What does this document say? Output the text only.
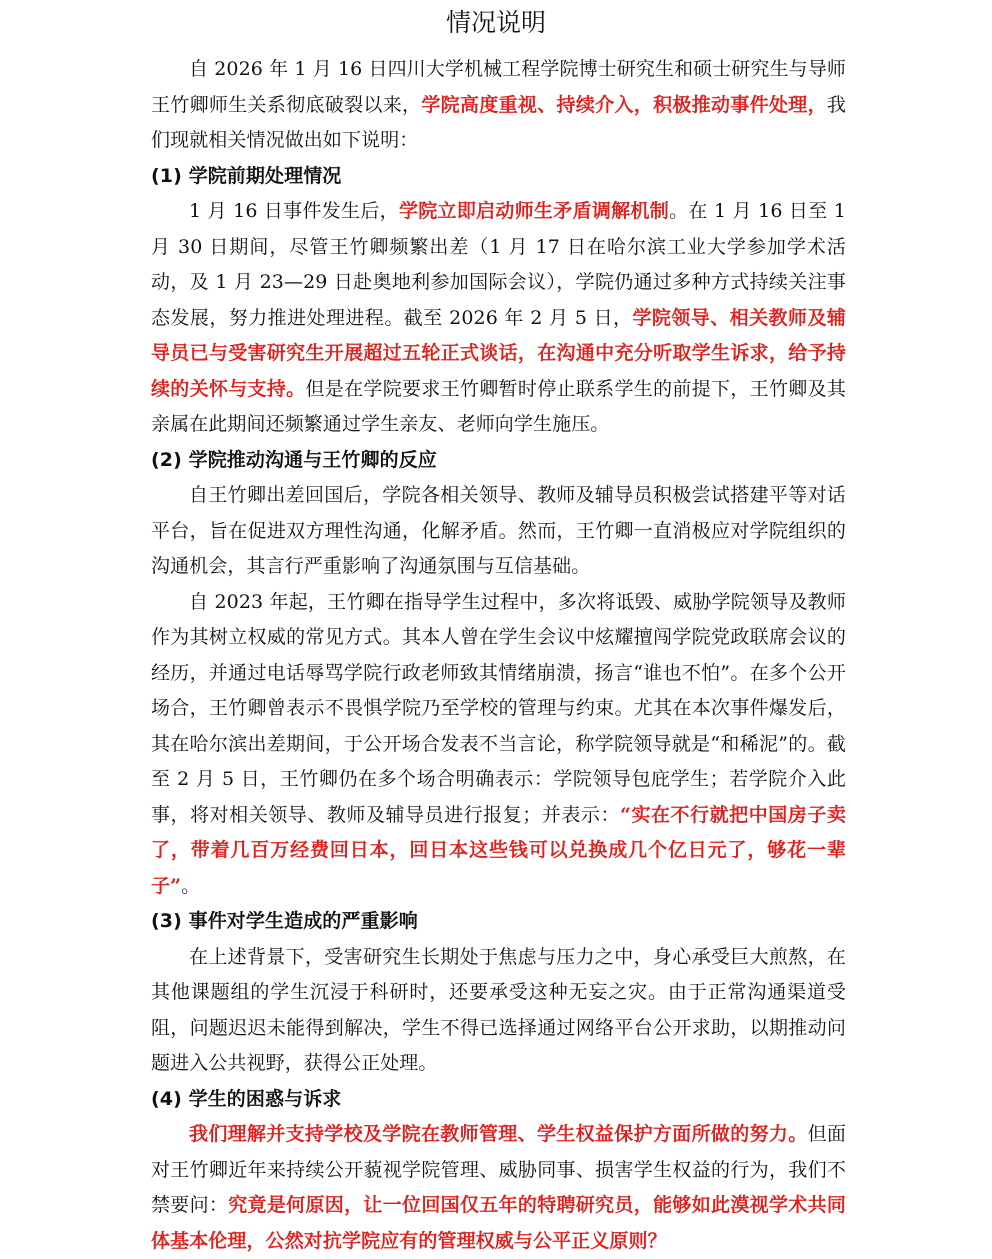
情况说明

自 2026 年 1 月 16 日四川大学机械工程学院博士研究生和硕士研究生与导师王竹卿师生关系彻底破裂以来，学院高度重视、持续介入，积极推动事件处理，我们现就相关情况做出如下说明：

(1) 学院前期处理情况

1 月 16 日事件发生后，学院立即启动师生矛盾调解机制。在 1 月 16 日至 1 月 30 日期间，尽管王竹卿频繁出差（1 月 17 日在哈尔滨工业大学参加学术活动，及 1 月 23—29 日赴奥地利参加国际会议），学院仍通过多种方式持续关注事态发展，努力推进处理进程。截至 2026 年 2 月 5 日，学院领导、相关教师及辅导员已与受害研究生开展超过五轮正式谈话，在沟通中充分听取学生诉求，给予持续的关怀与支持。但是在学院要求王竹卿暂时停止联系学生的前提下，王竹卿及其亲属在此期间还频繁通过学生亲友、老师向学生施压。

(2) 学院推动沟通与王竹卿的反应

自王竹卿出差回国后，学院各相关领导、教师及辅导员积极尝试搭建平等对话平台，旨在促进双方理性沟通，化解矛盾。然而，王竹卿一直消极应对学院组织的沟通机会，其言行严重影响了沟通氛围与互信基础。

自 2023 年起，王竹卿在指导学生过程中，多次将诋毁、威胁学院领导及教师作为其树立权威的常见方式。其本人曾在学生会议中炫耀擅闯学院党政联席会议的经历，并通过电话辱骂学院行政老师致其情绪崩溃，扬言“谁也不怕”。在多个公开场合，王竹卿曾表示不畏惧学院乃至学校的管理与约束。尤其在本次事件爆发后，其在哈尔滨出差期间，于公开场合发表不当言论，称学院领导就是“和稀泥”的。截至 2 月 5 日，王竹卿仍在多个场合明确表示：学院领导包庇学生；若学院介入此事，将对相关领导、教师及辅导员进行报复；并表示：“实在不行就把中国房子卖了，带着几百万经费回日本，回日本这些钱可以兑换成几个亿日元了，够花一辈子”。

(3) 事件对学生造成的严重影响

在上述背景下，受害研究生长期处于焦虑与压力之中，身心承受巨大煎熬，在其他课题组的学生沉浸于科研时，还要承受这种无妄之灾。由于正常沟通渠道受阻，问题迟迟未能得到解决，学生不得已选择通过网络平台公开求助，以期推动问题进入公共视野，获得公正处理。

(4) 学生的困惑与诉求

我们理解并支持学校及学院在教师管理、学生权益保护方面所做的努力。但面对王竹卿近年来持续公开藐视学院管理、威胁同事、损害学生权益的行为，我们不禁要问：究竟是何原因，让一位回国仅五年的特聘研究员，能够如此漠视学术共同体基本伦理，公然对抗学院应有的管理权威与公平正义原则？
